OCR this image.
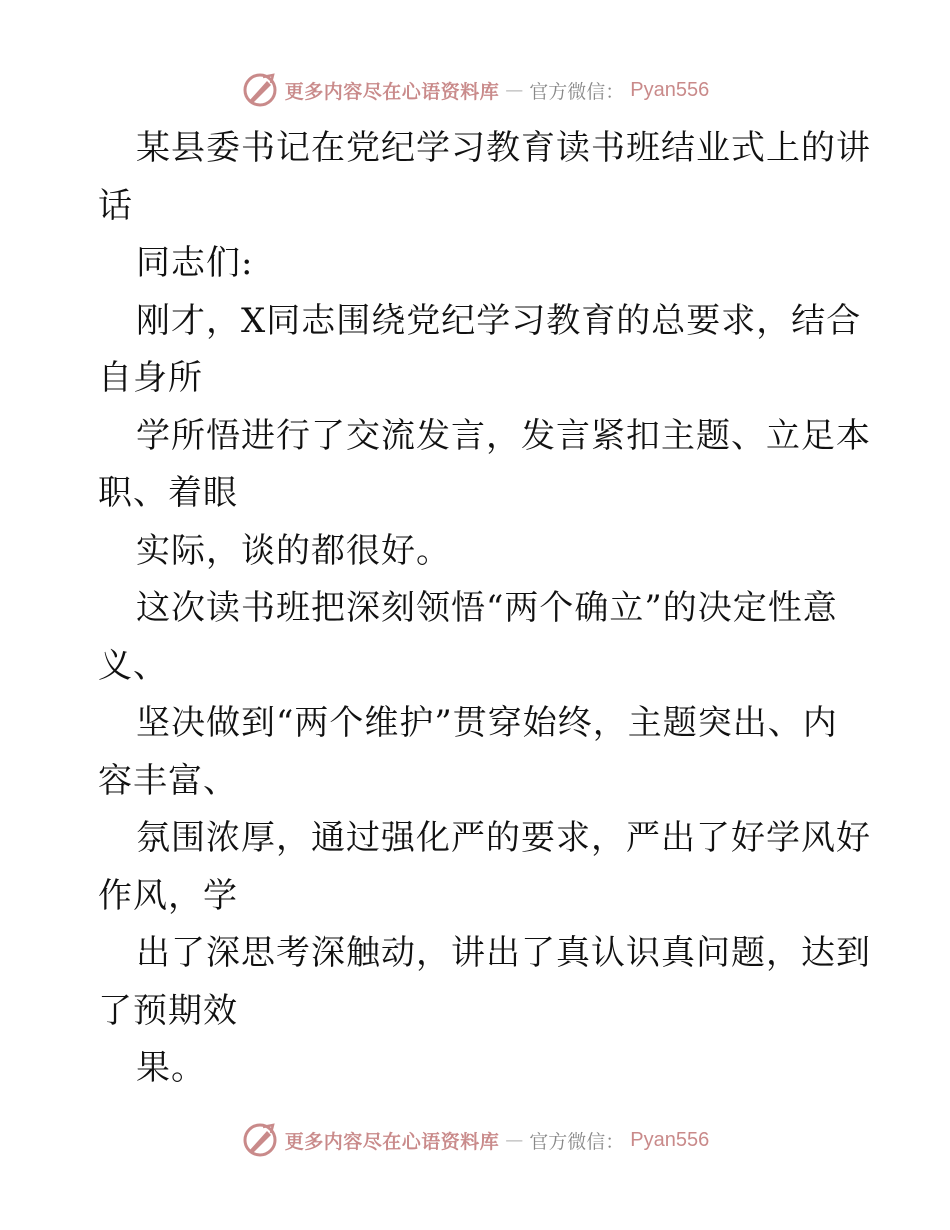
更多内容尽在心语资料库 — 官方微信： Pyan556
某县委书记在党纪学习教育读书班结业式上的讲
话
同志们:
刚才，X同志围绕党纪学习教育的总要求，结合
自身所
学所悟进行了交流发言，发言紧扣主题、立足本
职、着眼
实际，谈的都很好。
这次读书班把深刻领悟“两个确立”的决定性意
义、
坚决做到“两个维护”贯穿始终，主题突出、内
容丰富、
氛围浓厚，通过强化严的要求，严出了好学风好
作风，学
出了深思考深触动，讲出了真认识真问题，达到
了预期效
果。
更多内容尽在心语资料库 — 官方微信： Pyan556
